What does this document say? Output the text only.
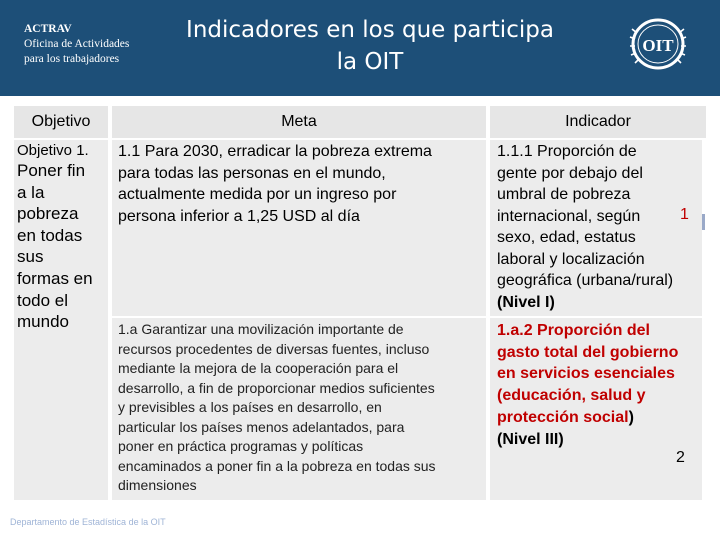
ACTRAV
Oficina de Actividades
para los trabajadores
Indicadores en los que participa
la OIT
OIT
Objetivo	Meta	Indicador
Objetivo 1.
Poner fin
a la
pobreza
en todas
sus
formas en
todo el
mundo
1.1 Para 2030, erradicar la pobreza extrema
para todas las personas en el mundo,
actualmente medida por un ingreso por
persona inferior a 1,25 USD al día
1.a Garantizar una movilización importante de
recursos procedentes de diversas fuentes, incluso
mediante la mejora de la cooperación para el
desarrollo, a fin de proporcionar medios suficientes
y previsibles a los países en desarrollo, en
particular los países menos adelantados, para
poner en práctica programas y políticas
encaminados a poner fin a la pobreza en todas sus
dimensiones
1.1.1 Proporción de
gente por debajo del
umbral de pobreza
internacional, según
sexo, edad, estatus
laboral y localización
geográfica (urbana/rural)
(Nivel I)
1
1.a.2 Proporción del
gasto total del gobierno
en servicios esenciales
(educación, salud y
protección social)
(Nivel III)
2
Departamento de Estadística de la OIT
